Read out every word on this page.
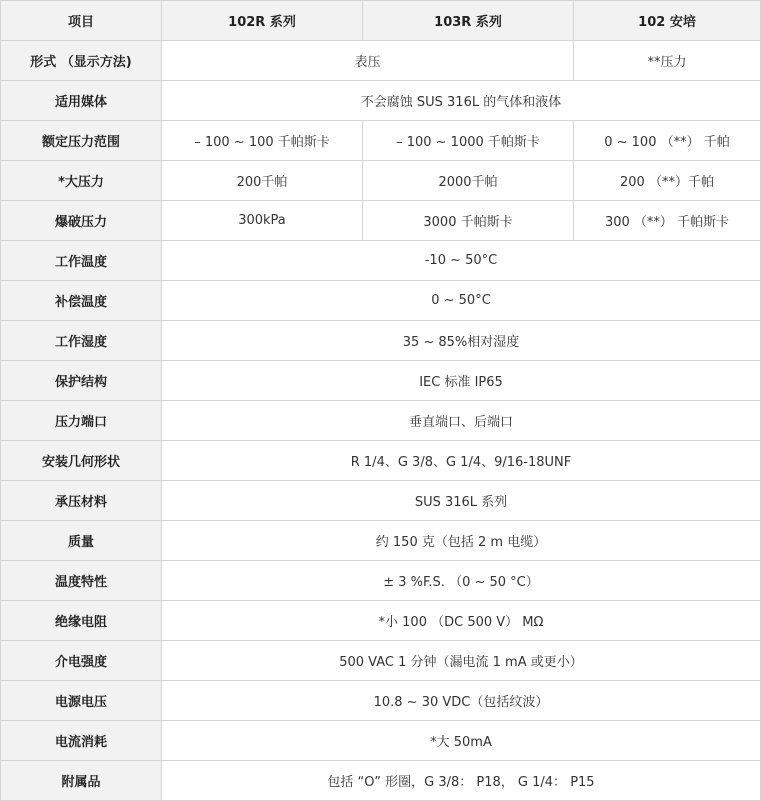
项目	102R 系列	103R 系列	102 安培
形式 （显示方法)	表压		**压力
适用媒体	不会腐蚀 SUS 316L 的气体和液体		
额定压力范围	– 100 ~ 100 千帕斯卡	– 100 ~ 1000 千帕斯卡	0 ~ 100 （**） 千帕
*大压力	200千帕	2000千帕	200 （**）千帕
爆破压力	300kPa	3000 千帕斯卡	300 （**） 千帕斯卡
工作温度	-10 ~ 50°C		
补偿温度	0 ~ 50°C		
工作湿度	35 ~ 85%相对湿度		
保护结构	IEC 标准 IP65		
压力端口	垂直端口、后端口		
安装几何形状	R 1/4、G 3/8、G 1/4、9/16-18UNF		
承压材料	SUS 316L 系列		
质量	约 150 克（包括 2 m 电缆）		
温度特性	± 3 %F.S. （0 ~ 50 °C）		
绝缘电阻	*小 100 （DC 500 V） MΩ		
介电强度	500 VAC 1 分钟（漏电流 1 mA 或更小）		
电源电压	10.8 ~ 30 VDC（包括纹波）		
电流消耗	*大 50mA		
附属品	包括 “O” 形圈，G 3/8： P18， G 1/4： P15		
